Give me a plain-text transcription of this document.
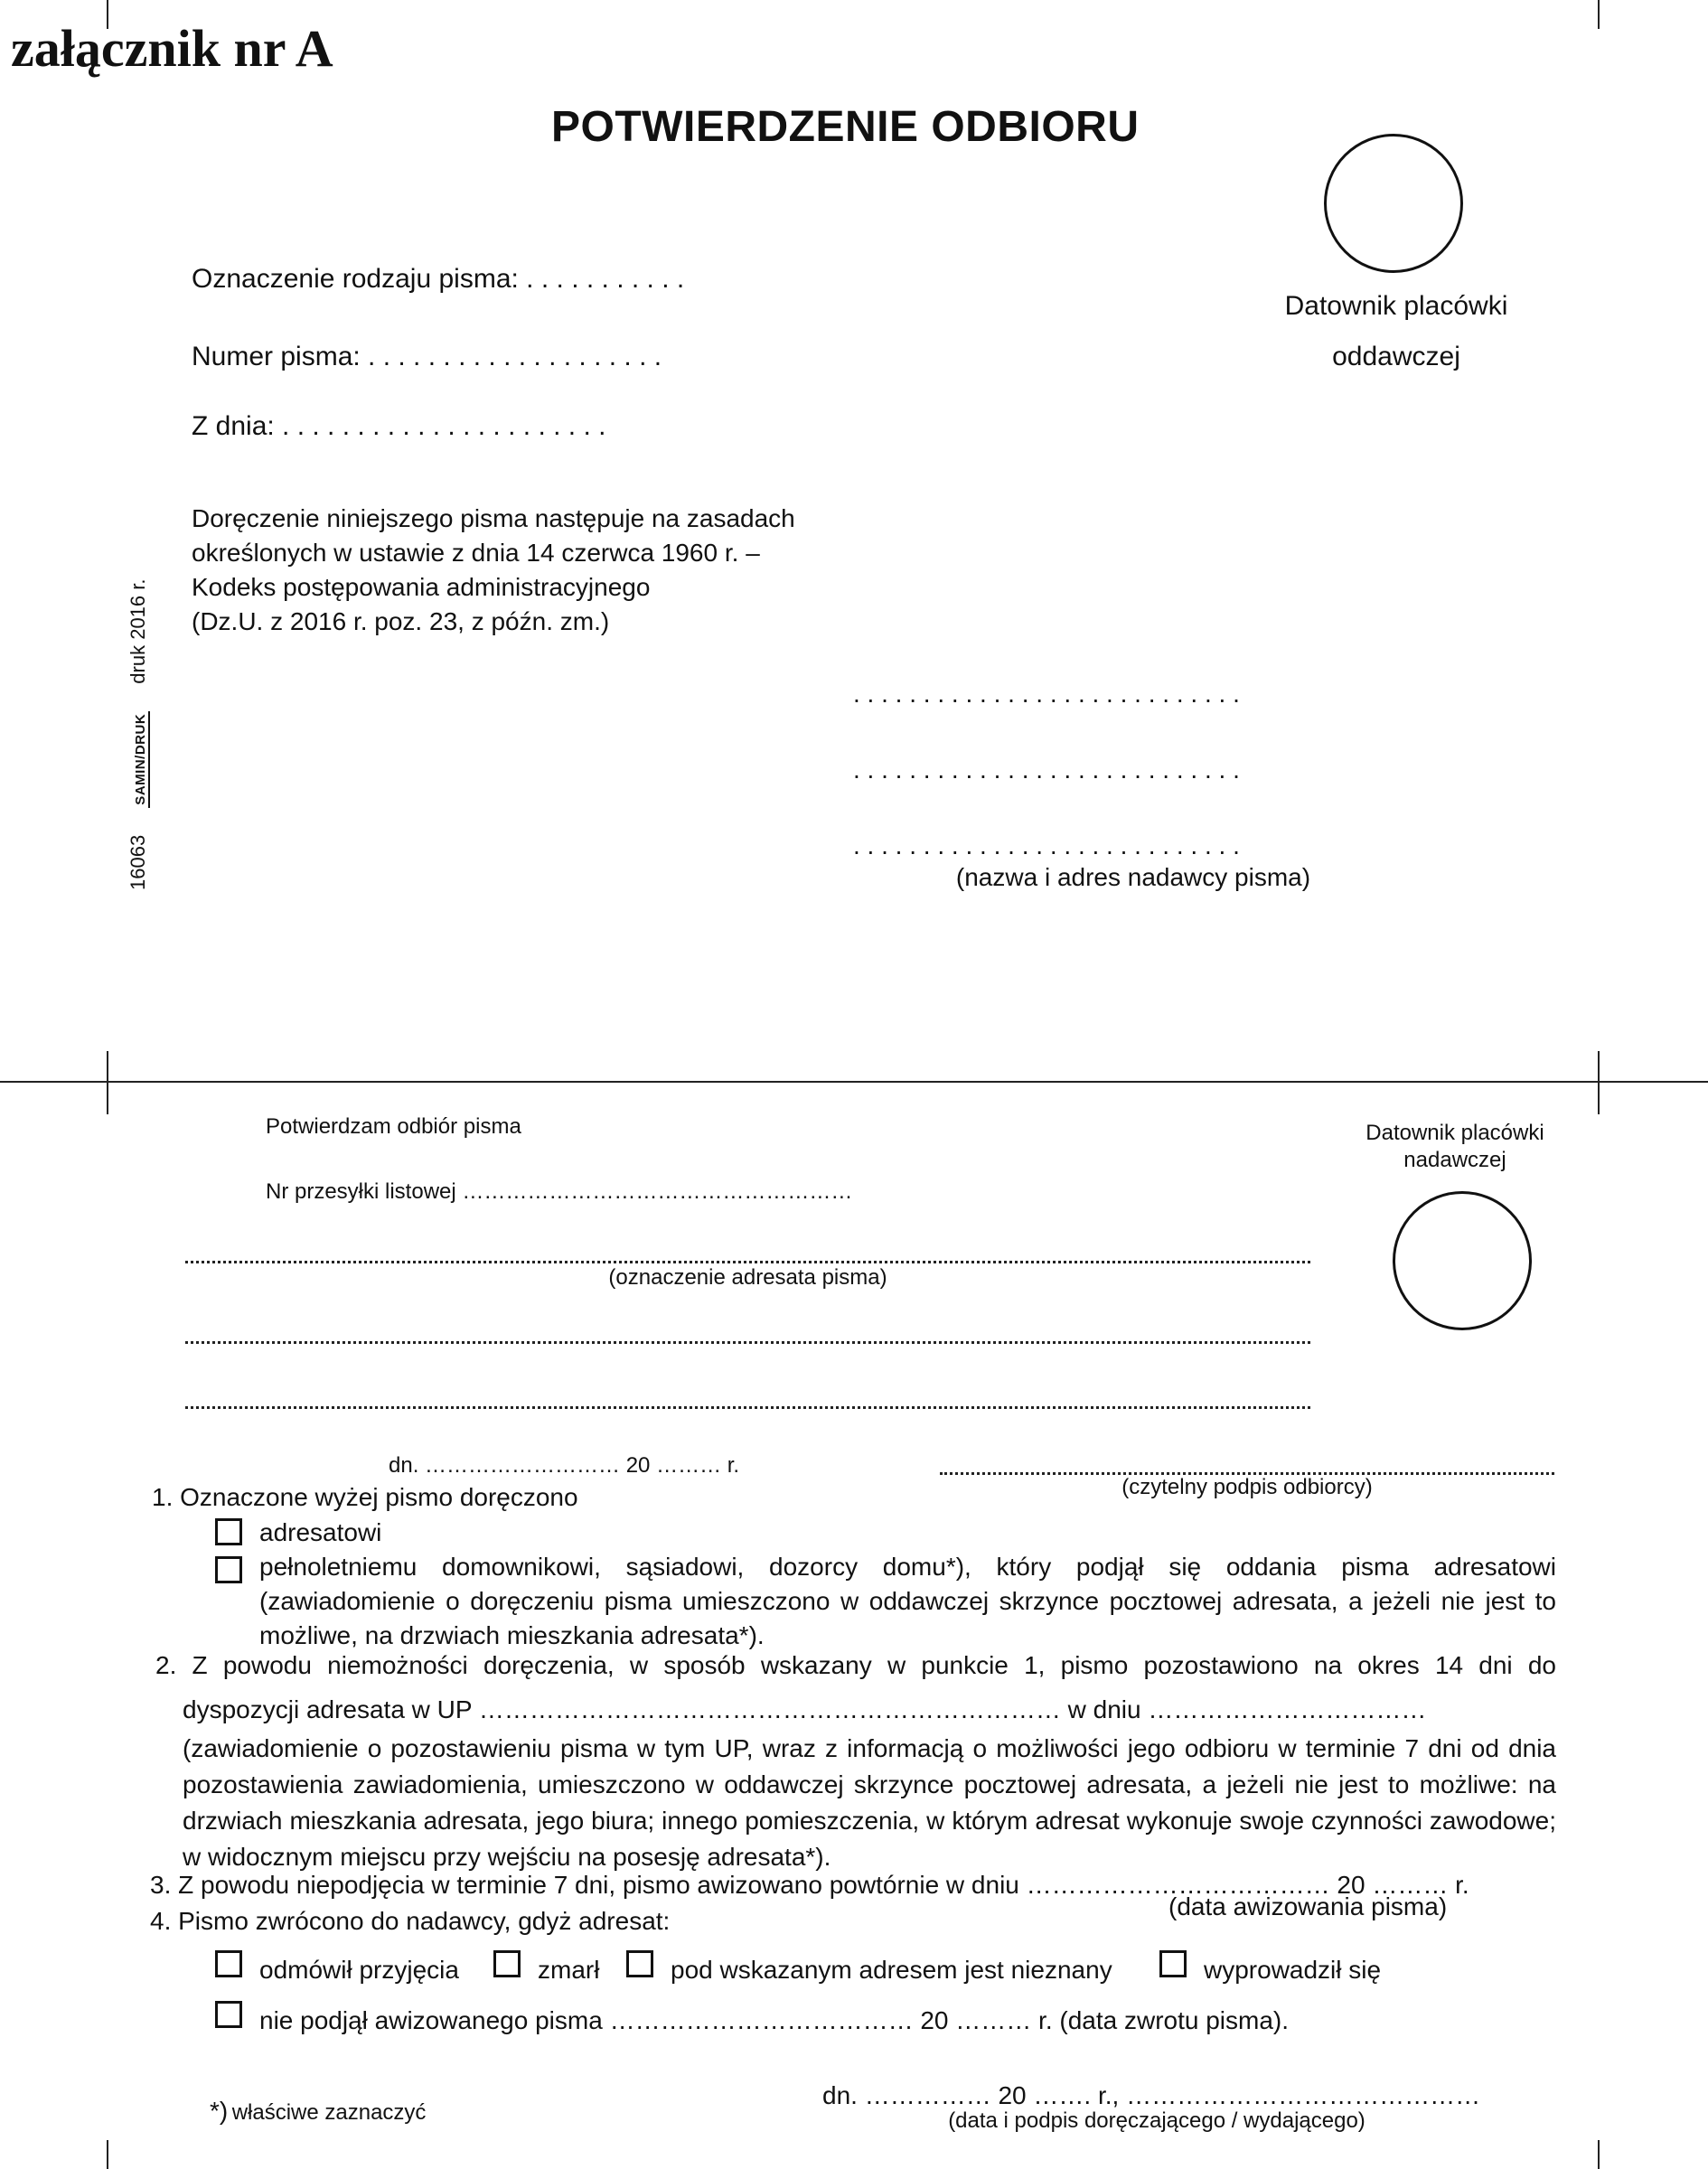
załącznik nr A
POTWIERDZENIE ODBIORU
Oznaczenie rodzaju pisma: . . . . . . . . . . .
Numer pisma: . . . . . . . . . . . . . . . . . . . .
Z dnia: . . . . . . . . . . . . . . . . . . . . . .
Doręczenie niniejszego pisma następuje na zasadach
określonych w ustawie z dnia 14 czerwca 1960 r. –
Kodeks postępowania administracyjnego
(Dz.U. z 2016 r. poz. 23, z późn. zm.)
Datownik placówki
oddawczej
. . . . . . . . . . . . . . . . . . . . . . . . . . . .
. . . . . . . . . . . . . . . . . . . . . . . . . . . .
. . . . . . . . . . . . . . . . . . . . . . . . . . . .
(nazwa i adres nadawcy pisma)
16063 SAMIN/DRUK druk 2016 r.
Potwierdzam odbiór pisma
Nr przesyłki listowej ………………………………………………
(oznaczenie adresata pisma)
Datownik placówki
nadawczej
dn. ……………………… 20 ……… r.
(czytelny podpis odbiorcy)
1. Oznaczone wyżej pismo doręczono
adresatowi
pełnoletniemu domownikowi, sąsiadowi, dozorcy domu*), który podjął się oddania pisma adresatowi (zawiadomienie o doręczeniu pisma umieszczono w oddawczej skrzynce pocztowej adresata, a jeżeli nie jest to możliwe, na drzwiach mieszkania adresata*).
2. Z powodu niemożności doręczenia, w sposób wskazany w punkcie 1, pismo pozostawiono na okres 14 dni do
dyspozycji adresata w UP …………………………………………………………… w dniu ……………………………
(zawiadomienie o pozostawieniu pisma w tym UP, wraz z informacją o możliwości jego odbioru w terminie 7 dni od dnia pozostawienia zawiadomienia, umieszczono w oddawczej skrzynce pocztowej adresata, a jeżeli nie jest to możliwe: na drzwiach mieszkania adresata, jego biura; innego pomieszczenia, w którym adresat wykonuje swoje czynności zawodowe; w widocznym miejscu przy wejściu na posesję adresata*).
3. Z powodu niepodjęcia w terminie 7 dni, pismo awizowano powtórnie w dniu ……………………………… 20 ……… r.
(data awizowania pisma)
4. Pismo zwrócono do nadawcy, gdyż adresat:
odmówił przyjęcia	zmarł	pod wskazanym adresem jest nieznany	wyprowadził się
nie podjął awizowanego pisma ……………………………… 20 ……… r. (data zwrotu pisma).
*) właściwe zaznaczyć
dn. …………… 20 ……. r., ……………………………………
(data i podpis doręczającego / wydającego)
